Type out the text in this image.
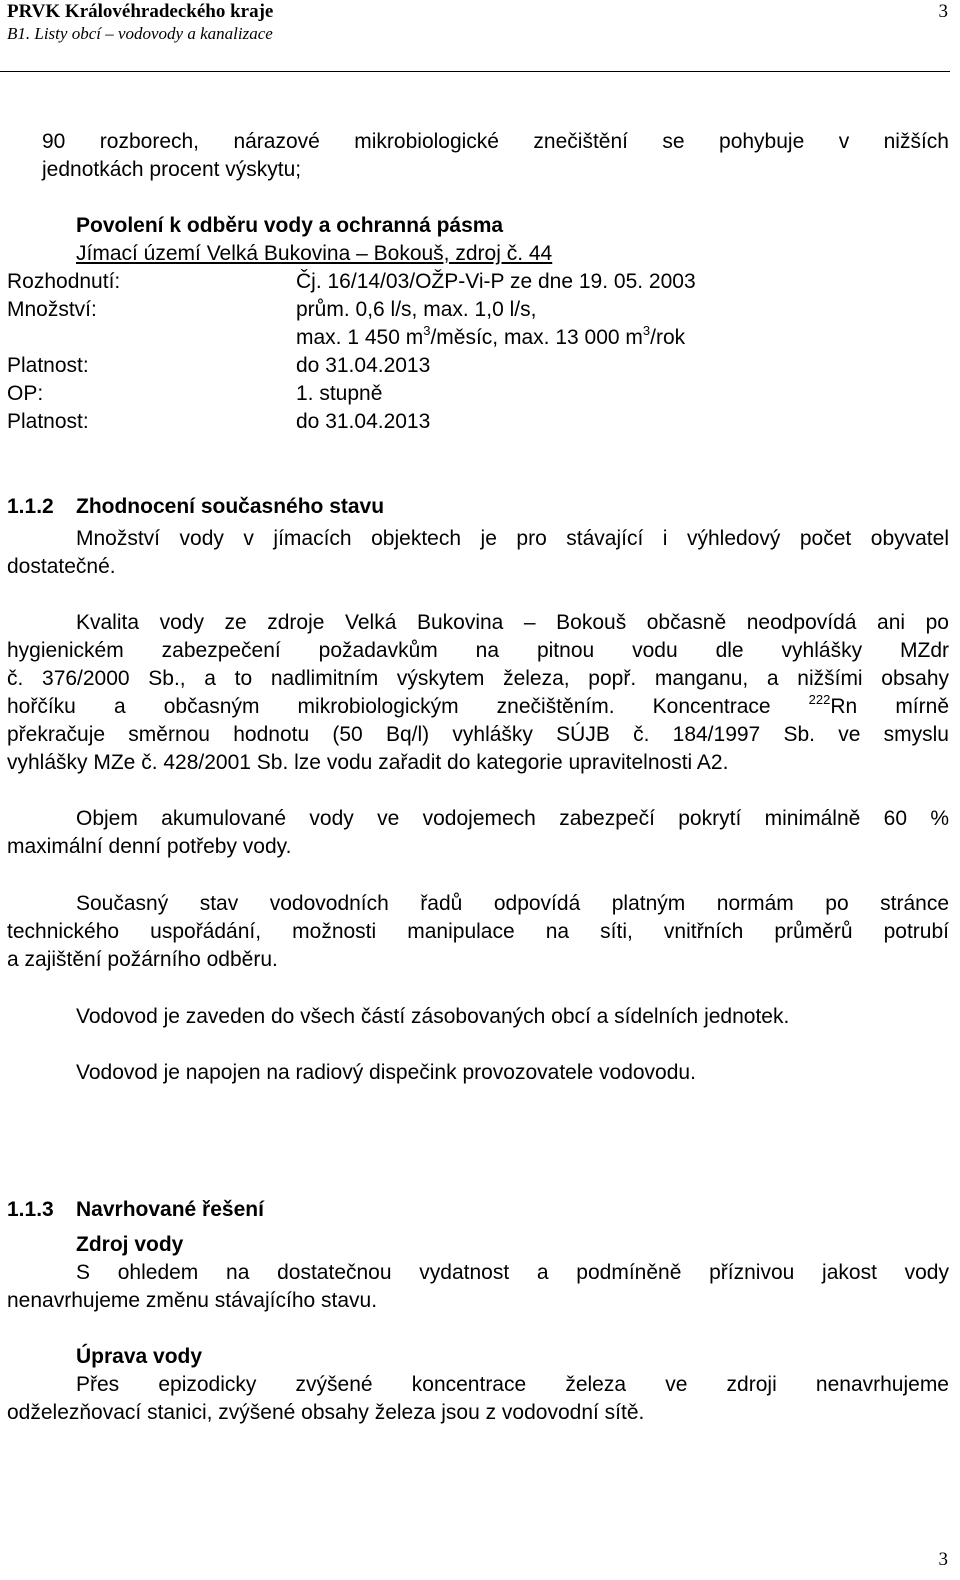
PRVK Královéhradeckého kraje
B1. Listy obcí – vodovody a kanalizace
3
90 rozborech, nárazové mikrobiologické znečištění se pohybuje v nižších
jednotkách procent výskytu;
Povolení k odběru vody a ochranná pásma
Jímací území Velká Bukovina – Bokouš, zdroj č. 44
Rozhodnutí:	Čj. 16/14/03/OŽP-Vi-P ze dne 19. 05. 2003
Množství:	prům. 0,6 l/s, max. 1,0 l/s,
max. 1 450 $m^3$/měsíc, max. 13 000 $m^3$/rok
Platnost:	do 31.04.2013
OP:	1. stupně
Platnost:	do 31.04.2013
1.1.2 Zhodnocení současného stavu
Množství vody v jímacích objektech je pro stávající i výhledový počet obyvatel
dostatečné.
Kvalita vody ze zdroje Velká Bukovina – Bokouš občasně neodpovídá ani po
hygienickém zabezpečení požadavkům na pitnou vodu dle vyhlášky MZdr
č. 376/2000 Sb., a to nadlimitním výskytem železa, popř. manganu, a nižšími obsahy
hořčíku a občasným mikrobiologickým znečištěním. Koncentrace	$^{222}$Rn mírně
překračuje směrnou hodnotu (50 Bq/l) vyhlášky SÚJB č. 184/1997 Sb. ve smyslu
vyhlášky MZe č. 428/2001 Sb. lze vodu zařadit do kategorie upravitelnosti A2.
Objem akumulované vody ve vodojemech zabezpečí pokrytí minimálně 60 %
maximální denní potřeby vody.
Současný stav vodovodních řadů odpovídá platným normám po stránce
technického uspořádání, možnosti manipulace na síti, vnitřních průměrů potrubí
a zajištění požárního odběru.
Vodovod je zaveden do všech částí zásobovaných obcí a sídelních jednotek.
Vodovod je napojen na radiový dispečink provozovatele vodovodu.
1.1.3 Navrhované řešení
Zdroj vody
S ohledem na dostatečnou vydatnost a podmíněně příznivou jakost vody
nenavrhujeme změnu stávajícího stavu.
Úprava vody
Přes epizodicky zvýšené koncentrace železa ve zdroji nenavrhujeme
odželezňovací stanici, zvýšené obsahy železa jsou z vodovodní sítě.
3
